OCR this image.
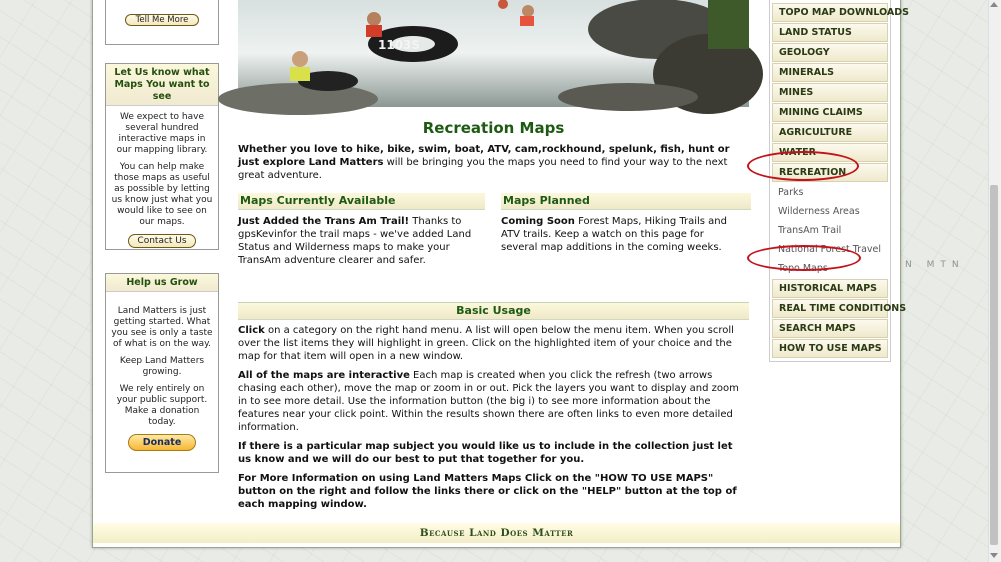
Tell Me More
Let Us know what Maps You want to see

We expect to have several hundred interactive maps in our mapping library.

You can help make those maps as useful as possible by letting us know just what you would like to see on our maps.

Contact Us
Help us Grow

Land Matters is just getting started. What you see is only a taste of what is on the way.

Keep Land Matters growing.

We rely entirely on your public support. Make a donation today.

Donate
1103S
Recreation Maps
Whether you love to hike, bike, swim, boat, ATV, cam,rockhound, spelunk, fish, hunt or just explore Land Matters will be bringing you the maps you need to find your way to the next great adventure.
Maps Currently Available
Just Added the Trans Am Trail! Thanks to gpsKevinfor the trail maps - we've added Land Status and Wilderness maps to make your TransAm adventure clearer and safer.
Maps Planned
Coming Soon Forest Maps, Hiking Trails and ATV trails. Keep a watch on this page for several map additions in the coming weeks.
Basic Usage

Click on a category on the right hand menu. A list will open below the menu item. When you scroll over the list items they will highlight in green. Click on the highlighted item of your choice and the map for that item will open in a new window.

All of the maps are interactive Each map is created when you click the refresh (two arrows chasing each other), move the map or zoom in or out. Pick the layers you want to display and zoom in to see more detail. Use the information button (the big i) to see more information about the features near your click point. Within the results shown there are often links to even more detailed information.

If there is a particular map subject you would like us to include in the collection just let us know and we will do our best to put that together for you.

For More Information on using Land Matters Maps Click on the "HOW TO USE MAPS" button on the right and follow the links there or click on the "HELP" button at the top of each mapping window.

Because Land Does Matter
TOPO MAP DOWNLOADS
LAND STATUS
GEOLOGY
MINERALS
MINES
MINING CLAIMS
AGRICULTURE
WATER
RECREATION
Parks
Wilderness Areas
TransAm Trail
National Forest Travel
Topo Maps
HISTORICAL MAPS
REAL TIME CONDITIONS
SEARCH MAPS
HOW TO USE MAPS
N MTN
